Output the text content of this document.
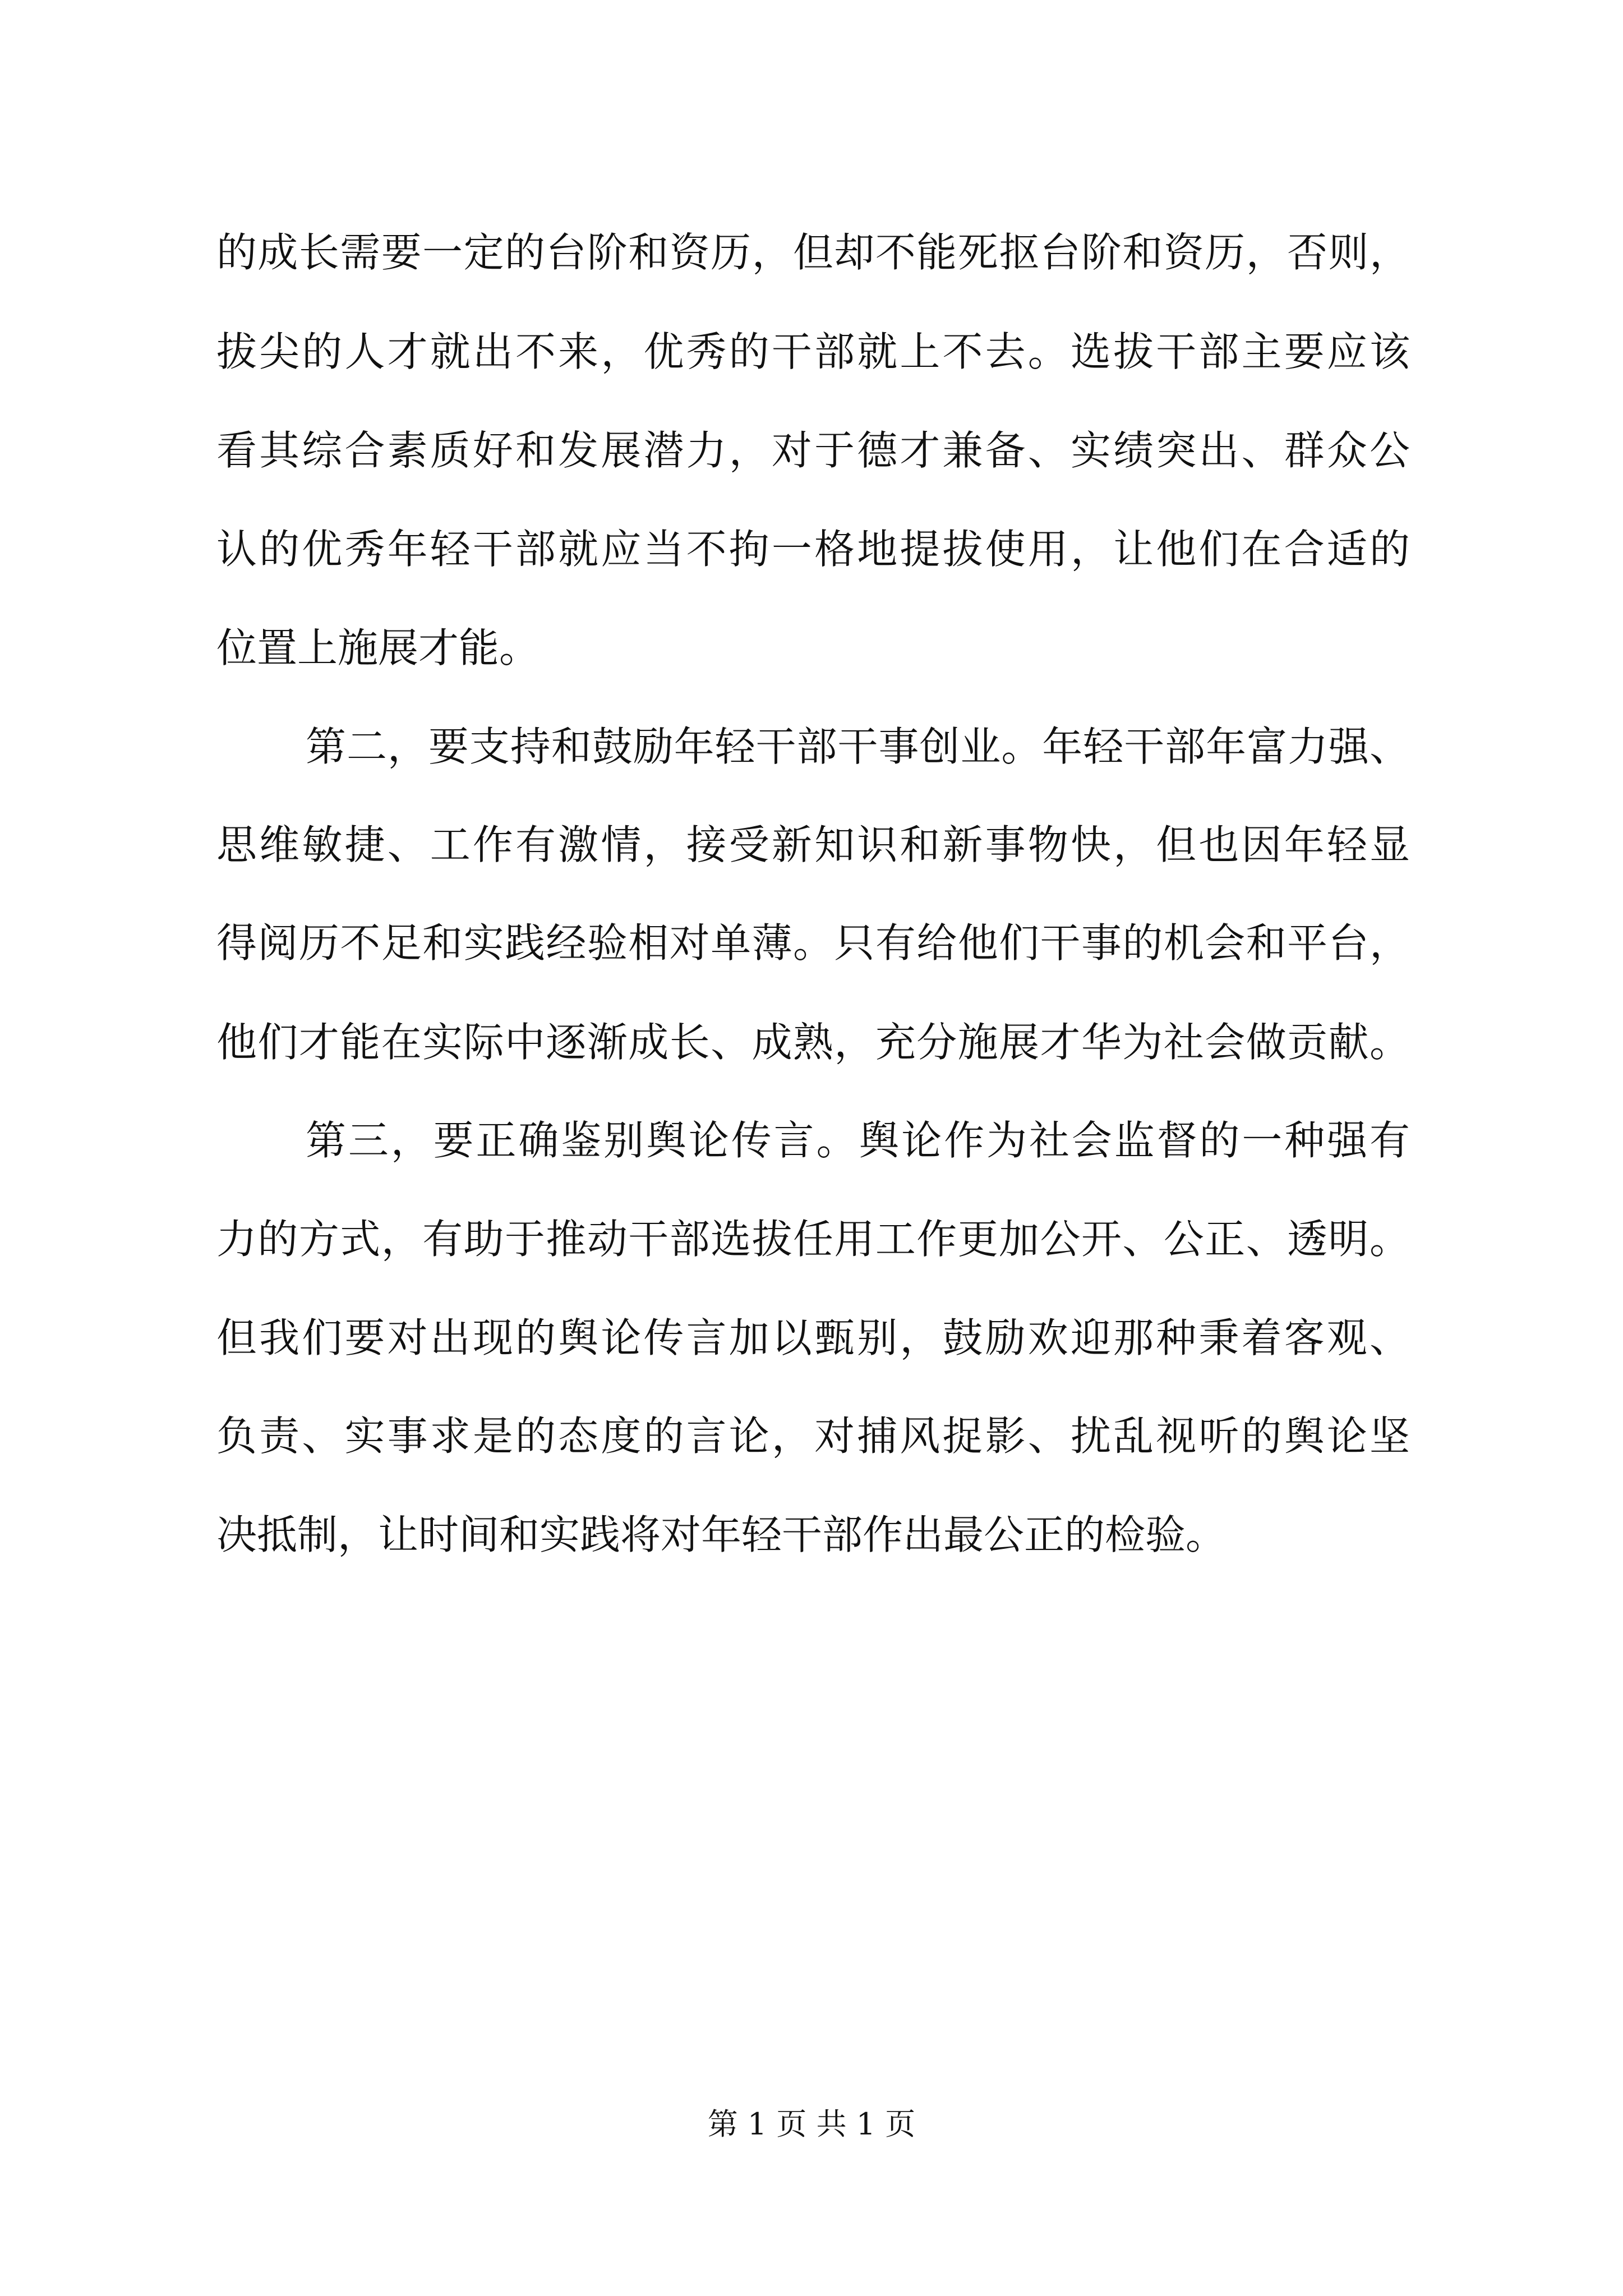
的成长需要一定的台阶和资历，但却不能死抠台阶和资历，否则，

拔尖的人才就出不来，优秀的干部就上不去。选拔干部主要应该

看其综合素质好和发展潜力，对于德才兼备、实绩突出、群众公

认的优秀年轻干部就应当不拘一格地提拔使用，让他们在合适的

位置上施展才能。

第二，要支持和鼓励年轻干部干事创业。年轻干部年富力强、

思维敏捷、工作有激情，接受新知识和新事物快，但也因年轻显

得阅历不足和实践经验相对单薄。只有给他们干事的机会和平台，

他们才能在实际中逐渐成长、成熟，充分施展才华为社会做贡献。

第三，要正确鉴别舆论传言。舆论作为社会监督的一种强有

力的方式，有助于推动干部选拔任用工作更加公开、公正、透明。

但我们要对出现的舆论传言加以甄别，鼓励欢迎那种秉着客观、

负责、实事求是的态度的言论，对捕风捉影、扰乱视听的舆论坚

决抵制，让时间和实践将对年轻干部作出最公正的检验。

第 1 页 共 1 页
